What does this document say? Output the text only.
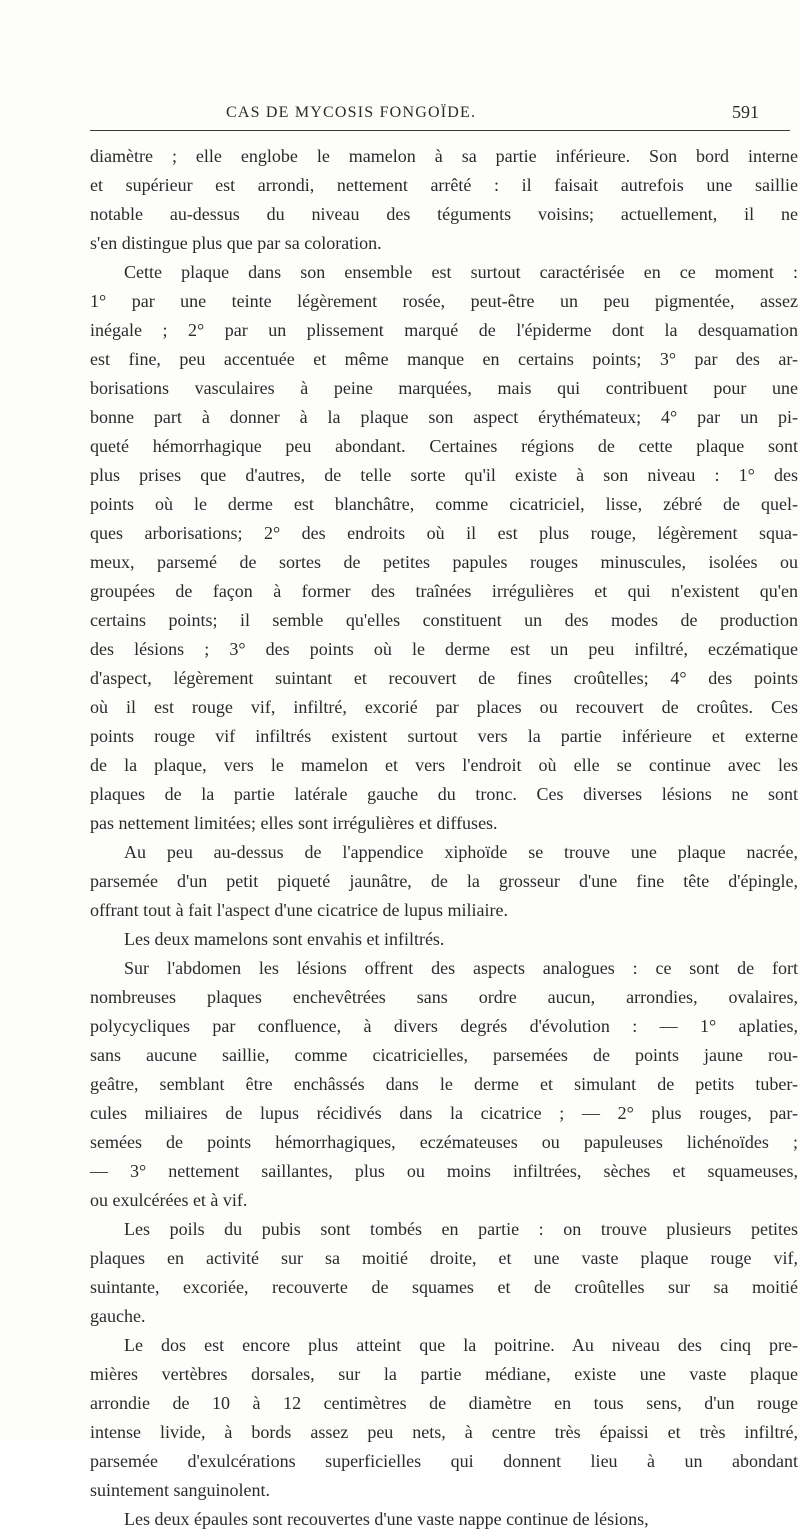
CAS DE MYCOSIS FONGOÏDE.	591
diamètre ; elle englobe le mamelon à sa partie inférieure. Son bord interne
et supérieur est arrondi, nettement arrêté : il faisait autrefois une saillie
notable au-dessus du niveau des téguments voisins; actuellement, il ne
s'en distingue plus que par sa coloration.
Cette plaque dans son ensemble est surtout caractérisée en ce moment :
1° par une teinte légèrement rosée, peut-être un peu pigmentée, assez
inégale ; 2° par un plissement marqué de l'épiderme dont la desquamation
est fine, peu accentuée et même manque en certains points; 3° par des ar-
borisations vasculaires à peine marquées, mais qui contribuent pour une
bonne part à donner à la plaque son aspect érythémateux; 4° par un pi-
queté hémorrhagique peu abondant. Certaines régions de cette plaque sont
plus prises que d'autres, de telle sorte qu'il existe à son niveau : 1° des
points où le derme est blanchâtre, comme cicatriciel, lisse, zébré de quel-
ques arborisations; 2° des endroits où il est plus rouge, légèrement squa-
meux, parsemé de sortes de petites papules rouges minuscules, isolées ou
groupées de façon à former des traînées irrégulières et qui n'existent qu'en
certains points; il semble qu'elles constituent un des modes de production
des lésions ; 3° des points où le derme est un peu infiltré, eczématique
d'aspect, légèrement suintant et recouvert de fines croûtelles; 4° des points
où il est rouge vif, infiltré, excorié par places ou recouvert de croûtes. Ces
points rouge vif infiltrés existent surtout vers la partie inférieure et externe
de la plaque, vers le mamelon et vers l'endroit où elle se continue avec les
plaques de la partie latérale gauche du tronc. Ces diverses lésions ne sont
pas nettement limitées; elles sont irrégulières et diffuses.
Au peu au-dessus de l'appendice xiphoïde se trouve une plaque nacrée,
parsemée d'un petit piqueté jaunâtre, de la grosseur d'une fine tête d'épingle,
offrant tout à fait l'aspect d'une cicatrice de lupus miliaire.
Les deux mamelons sont envahis et infiltrés.
Sur l'abdomen les lésions offrent des aspects analogues : ce sont de fort
nombreuses plaques enchevêtrées sans ordre aucun, arrondies, ovalaires,
polycycliques par confluence, à divers degrés d'évolution : — 1° aplaties,
sans aucune saillie, comme cicatricielles, parsemées de points jaune rou-
geâtre, semblant être enchâssés dans le derme et simulant de petits tuber-
cules miliaires de lupus récidivés dans la cicatrice ; — 2° plus rouges, par-
semées de points hémorrhagiques, eczémateuses ou papuleuses lichénoïdes ;
— 3° nettement saillantes, plus ou moins infiltrées, sèches et squameuses,
ou exulcérées et à vif.
Les poils du pubis sont tombés en partie : on trouve plusieurs petites
plaques en activité sur sa moitié droite, et une vaste plaque rouge vif,
suintante, excoriée, recouverte de squames et de croûtelles sur sa moitié
gauche.
Le dos est encore plus atteint que la poitrine. Au niveau des cinq pre-
mières vertèbres dorsales, sur la partie médiane, existe une vaste plaque
arrondie de 10 à 12 centimètres de diamètre en tous sens, d'un rouge
intense livide, à bords assez peu nets, à centre très épaissi et très infiltré,
parsemée d'exulcérations superficielles qui donnent lieu à un abondant
suintement sanguinolent.
Les deux épaules sont recouvertes d'une vaste nappe continue de lésions,
